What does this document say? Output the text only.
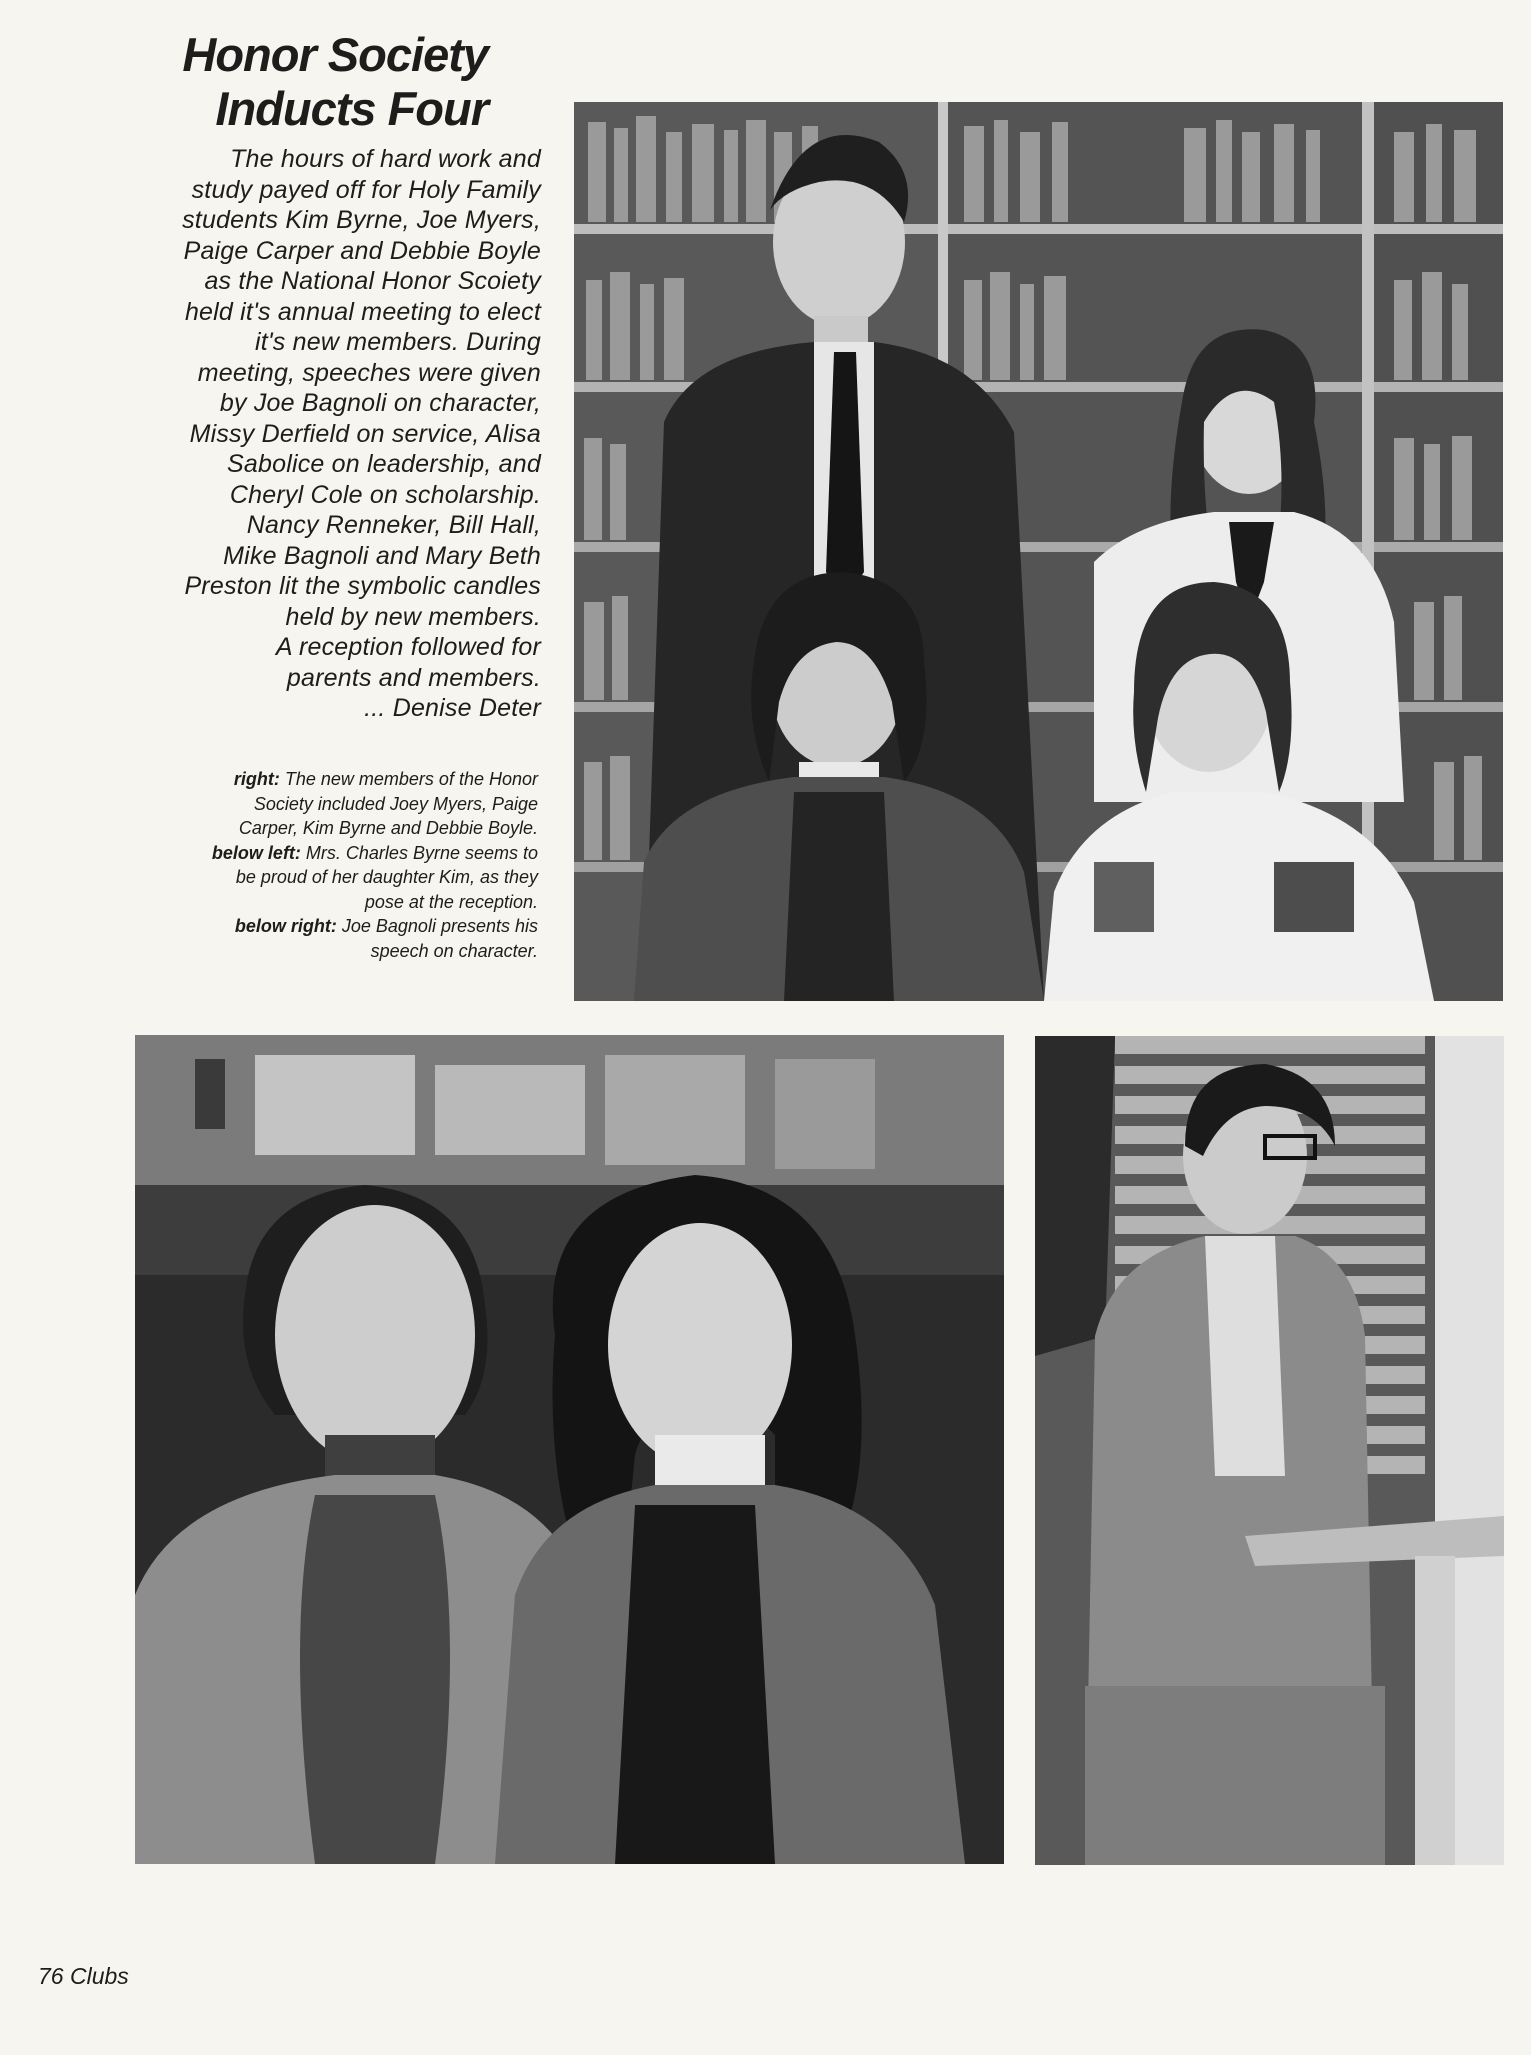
Honor Society
Inducts Four
The hours of hard work and
study payed off for Holy Family
students Kim Byrne, Joe Myers,
Paige Carper and Debbie Boyle
as the National Honor Scoiety
held it's annual meeting to elect
it's new members. During
meeting, speeches were given
by Joe Bagnoli on character,
Missy Derfield on service, Alisa
Sabolice on leadership, and
Cheryl Cole on scholarship.
Nancy Renneker, Bill Hall,
Mike Bagnoli and Mary Beth
Preston lit the symbolic candles
held by new members.
A reception followed for
parents and members.
... Denise Deter
right: The new members of the Honor
Society included Joey Myers, Paige
Carper, Kim Byrne and Debbie Boyle.
below left: Mrs. Charles Byrne seems to
be proud of her daughter Kim, as they
pose at the reception.
below right: Joe Bagnoli presents his
speech on character.
76 Clubs
